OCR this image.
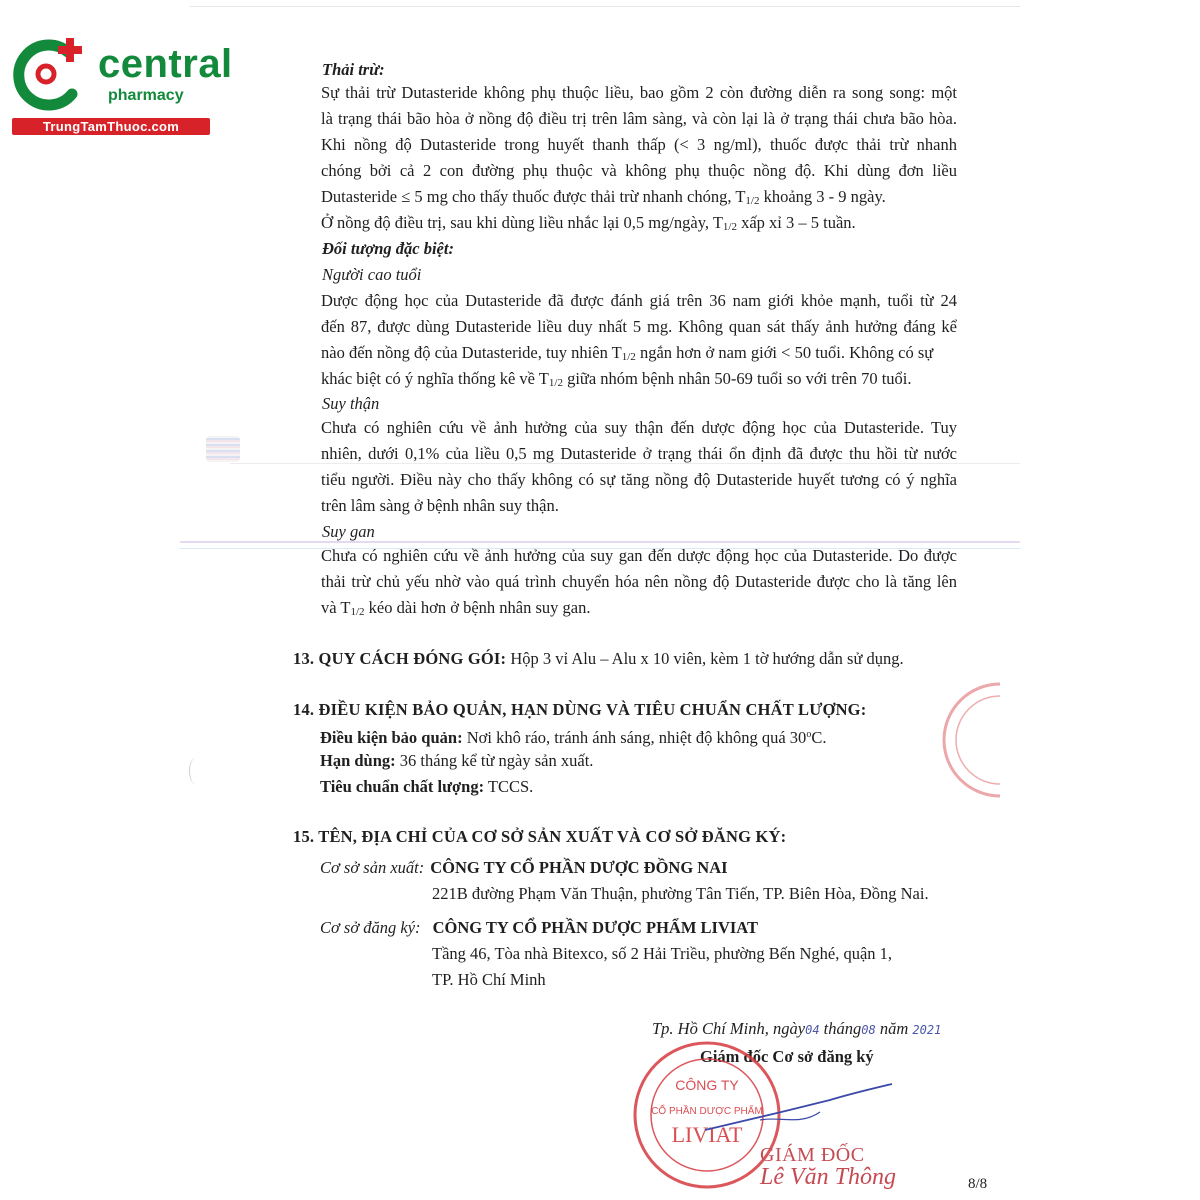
central
pharmacy
TrungTamThuoc.com
Thải trừ:
Sự thải trừ Dutasteride không phụ thuộc liều, bao gồm 2 còn đường diễn ra song song: một
là trạng thái bão hòa ở nồng độ điều trị trên lâm sàng, và còn lại là ở trạng thái chưa bão hòa.
Khi nồng độ Dutasteride trong huyết thanh thấp (< 3 ng/ml), thuốc được thải trừ nhanh
chóng bởi cả 2 con đường phụ thuộc và không phụ thuộc nồng độ. Khi dùng đơn liều
Dutasteride ≤ 5 mg cho thấy thuốc được thải trừ nhanh chóng, T1/2 khoảng 3 - 9 ngày.
Ở nồng độ điều trị, sau khi dùng liều nhắc lại 0,5 mg/ngày, T1/2 xấp xỉ 3 – 5 tuần.
Đối tượng đặc biệt:
Người cao tuổi
Dược động học của Dutasteride đã được đánh giá trên 36 nam giới khỏe mạnh, tuổi từ 24
đến 87, được dùng Dutasteride liều duy nhất 5 mg. Không quan sát thấy ảnh hưởng đáng kể
nào đến nồng độ của Dutasteride, tuy nhiên T1/2 ngắn hơn ở nam giới < 50 tuổi. Không có sự
khác biệt có ý nghĩa thống kê về T1/2 giữa nhóm bệnh nhân 50-69 tuổi so với trên 70 tuổi.
Suy thận
Chưa có nghiên cứu về ảnh hưởng của suy thận đến dược động học của Dutasteride. Tuy
nhiên, dưới 0,1% của liều 0,5 mg Dutasteride ở trạng thái ổn định đã được thu hồi từ nước
tiểu người. Điều này cho thấy không có sự tăng nồng độ Dutasteride huyết tương có ý nghĩa
trên lâm sàng ở bệnh nhân suy thận.
Suy gan
Chưa có nghiên cứu về ảnh hưởng của suy gan đến dược động học của Dutasteride. Do được
thải trừ chủ yếu nhờ vào quá trình chuyển hóa nên nồng độ Dutasteride được cho là tăng lên
và T1/2 kéo dài hơn ở bệnh nhân suy gan.
13. QUY CÁCH ĐÓNG GÓI: Hộp 3 vỉ Alu – Alu x 10 viên, kèm 1 tờ hướng dẫn sử dụng.
14. ĐIỀU KIỆN BẢO QUẢN, HẠN DÙNG VÀ TIÊU CHUẨN CHẤT LƯỢNG:
Điều kiện bảo quản: Nơi khô ráo, tránh ánh sáng, nhiệt độ không quá 30$^o$C.
Hạn dùng: 36 tháng kể từ ngày sản xuất.
Tiêu chuẩn chất lượng: TCCS.
15. TÊN, ĐỊA CHỈ CỦA CƠ SỞ SẢN XUẤT VÀ CƠ SỞ ĐĂNG KÝ:
Cơ sở sản xuất: CÔNG TY CỔ PHẦN DƯỢC ĐỒNG NAI
221B đường Phạm Văn Thuận, phường Tân Tiến, TP. Biên Hòa, Đồng Nai.
Cơ sở đăng ký: CÔNG TY CỔ PHẦN DƯỢC PHẨM LIVIAT
Tầng 46, Tòa nhà Bitexco, số 2 Hải Triều, phường Bến Nghé, quận 1,
TP. Hồ Chí Minh
Tp. Hồ Chí Minh, ngày04 tháng08 năm 2021
Giám đốc Cơ sở đăng ký
CÔNG TY
CỔ PHẦN DƯỢC PHẨM
LIVIAT
GIÁM ĐỐC
Lê Văn Thông	8/8
